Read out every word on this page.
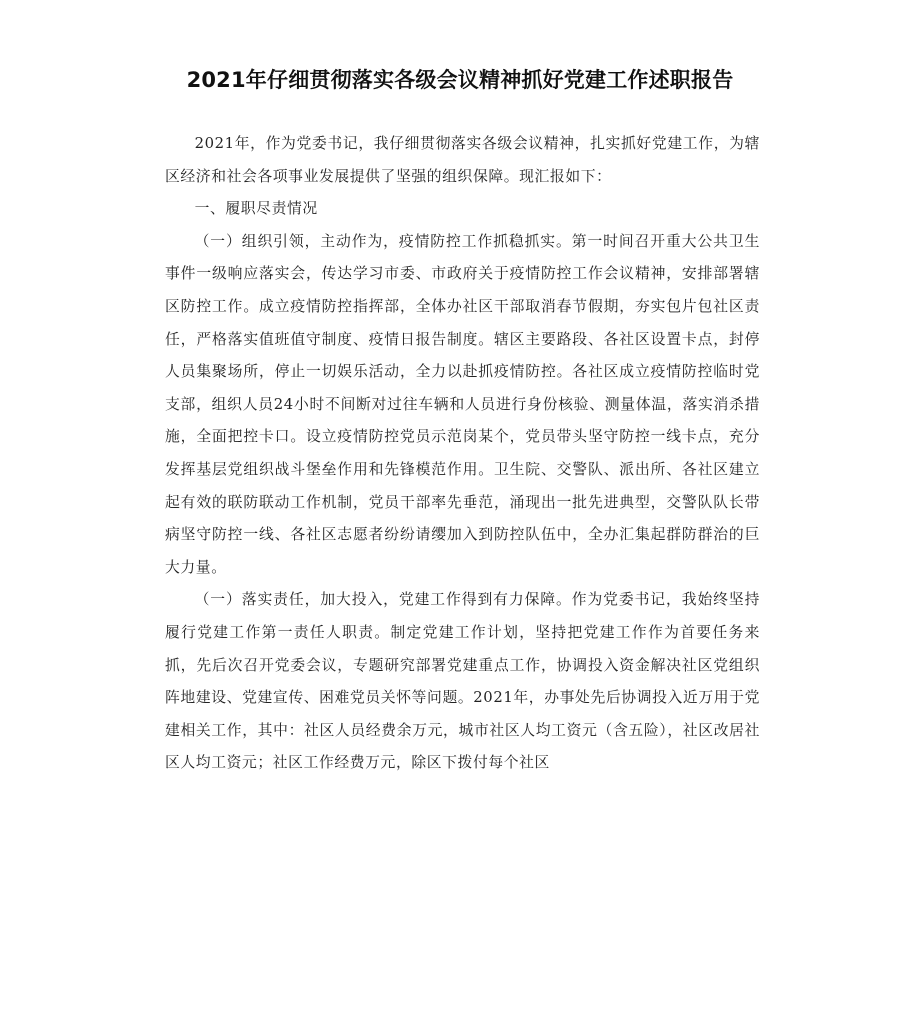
2021年仔细贯彻落实各级会议精神抓好党建工作述职报告

2021年，作为党委书记，我仔细贯彻落实各级会议精神，扎实抓好党建工作，为辖区经济和社会各项事业发展提供了坚强的组织保障。现汇报如下：

一、履职尽责情况

（一）组织引领，主动作为，疫情防控工作抓稳抓实。第一时间召开重大公共卫生事件一级响应落实会，传达学习市委、市政府关于疫情防控工作会议精神，安排部署辖区防控工作。成立疫情防控指挥部，全体办社区干部取消春节假期，夯实包片包社区责任，严格落实值班值守制度、疫情日报告制度。辖区主要路段、各社区设置卡点，封停人员集聚场所，停止一切娱乐活动，全力以赴抓疫情防控。各社区成立疫情防控临时党支部，组织人员24小时不间断对过往车辆和人员进行身份核验、测量体温，落实消杀措施，全面把控卡口。设立疫情防控党员示范岗某个，党员带头坚守防控一线卡点，充分发挥基层党组织战斗堡垒作用和先锋模范作用。卫生院、交警队、派出所、各社区建立起有效的联防联动工作机制，党员干部率先垂范，涌现出一批先进典型，交警队队长带病坚守防控一线、各社区志愿者纷纷请缨加入到防控队伍中，全办汇集起群防群治的巨大力量。

（一）落实责任，加大投入，党建工作得到有力保障。作为党委书记，我始终坚持履行党建工作第一责任人职责。制定党建工作计划，坚持把党建工作作为首要任务来抓，先后次召开党委会议，专题研究部署党建重点工作，协调投入资金解决社区党组织阵地建设、党建宣传、困难党员关怀等问题。2021年，办事处先后协调投入近万用于党建相关工作，其中：社区人员经费余万元，城市社区人均工资元（含五险），社区改居社区人均工资元；社区工作经费万元，除区下拨付每个社区
